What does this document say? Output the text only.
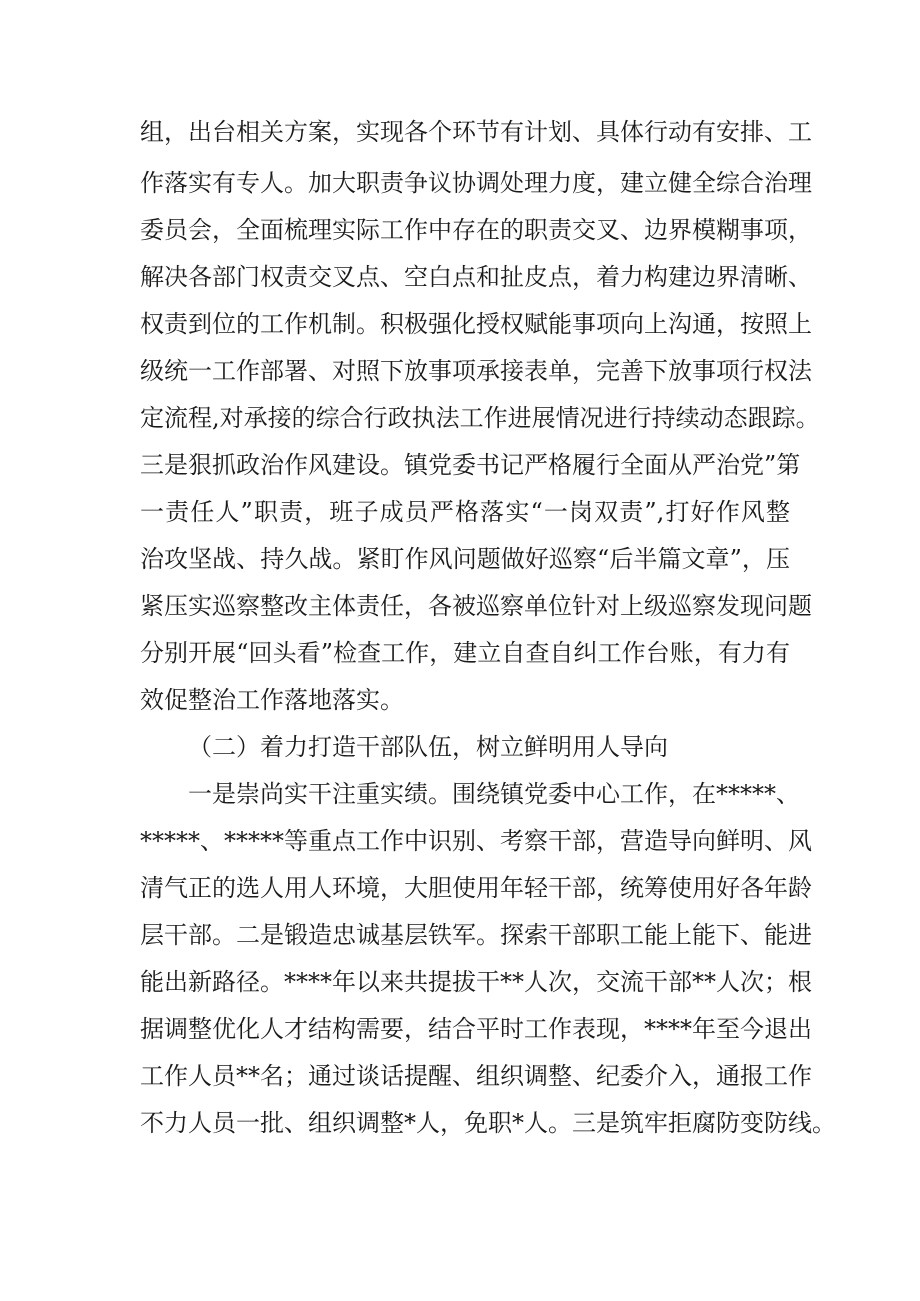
组，出台相关方案，实现各个环节有计划、具体行动有安排、工
作落实有专人。加大职责争议协调处理力度，建立健全综合治理
委员会，全面梳理实际工作中存在的职责交叉、边界模糊事项，
解决各部门权责交叉点、空白点和扯皮点，着力构建边界清晰、
权责到位的工作机制。积极强化授权赋能事项向上沟通，按照上
级统一工作部署、对照下放事项承接表单，完善下放事项行权法
定流程,对承接的综合行政执法工作进展情况进行持续动态跟踪。
三是狠抓政治作风建设。镇党委书记严格履行全面从严治党”第
一责任人”职责，班子成员严格落实“一岗双责”,打好作风整
治攻坚战、持久战。紧盯作风问题做好巡察“后半篇文章”，压
紧压实巡察整改主体责任，各被巡察单位针对上级巡察发现问题
分别开展“回头看”检查工作，建立自查自纠工作台账，有力有
效促整治工作落地落实。
（二）着力打造干部队伍，树立鲜明用人导向
一是崇尚实干注重实绩。围绕镇党委中心工作，在*****、
*****、*****等重点工作中识别、考察干部，营造导向鲜明、风
清气正的选人用人环境，大胆使用年轻干部，统筹使用好各年龄
层干部。二是锻造忠诚基层铁军。探索干部职工能上能下、能进
能出新路径。****年以来共提拔干**人次，交流干部**人次；根
据调整优化人才结构需要，结合平时工作表现，****年至今退出
工作人员**名；通过谈话提醒、组织调整、纪委介入，通报工作
不力人员一批、组织调整*人，免职*人。三是筑牢拒腐防变防线。
